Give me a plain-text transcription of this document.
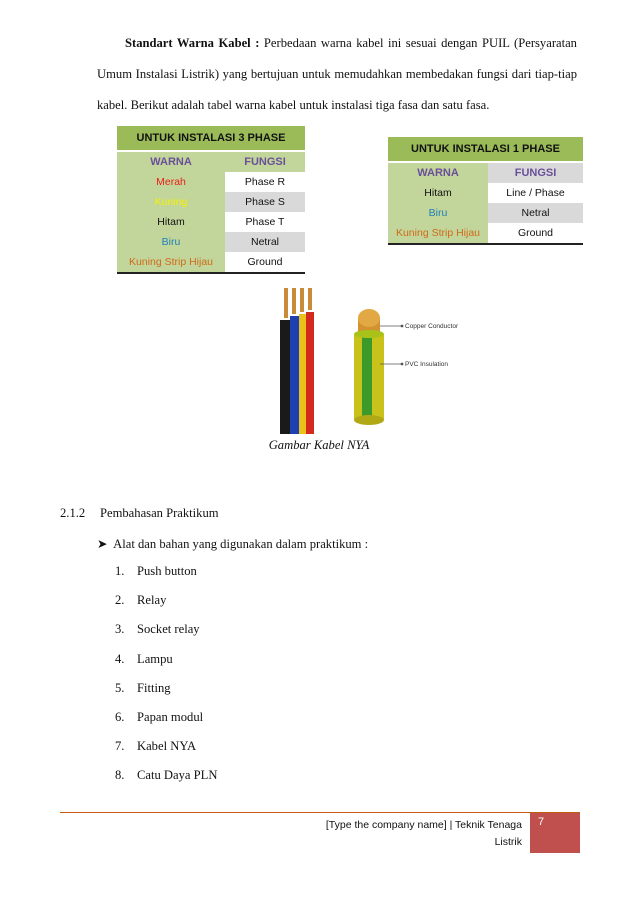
Standart Warna Kabel : Perbedaan warna kabel ini sesuai dengan PUIL (Persyaratan Umum Instalasi Listrik) yang bertujuan untuk memudahkan membedakan fungsi dari tiap-tiap kabel. Berikut adalah tabel warna kabel untuk instalasi tiga fasa dan satu fasa.
UNTUK INSTALASI 3 PHASE	
WARNA	FUNGSI
Merah	Phase R
Kuning	Phase S
Hitam	Phase T
Biru	Netral
Kuning Strip Hijau	Ground
UNTUK INSTALASI 1 PHASE	
WARNA	FUNGSI
Hitam	Line / Phase
Biru	Netral
Kuning Strip Hijau	Ground
Copper Conductor
PVC Insulation
Gambar Kabel NYA
2.1.2 Pembahasan Praktikum
➤ Alat dan bahan yang digunakan dalam praktikum :
1. Push button
2. Relay
3. Socket relay
4. Lampu
5. Fitting
6. Papan modul
7. Kabel NYA
8. Catu Daya PLN
[Type the company name] | Teknik Tenaga
Listrik
7
